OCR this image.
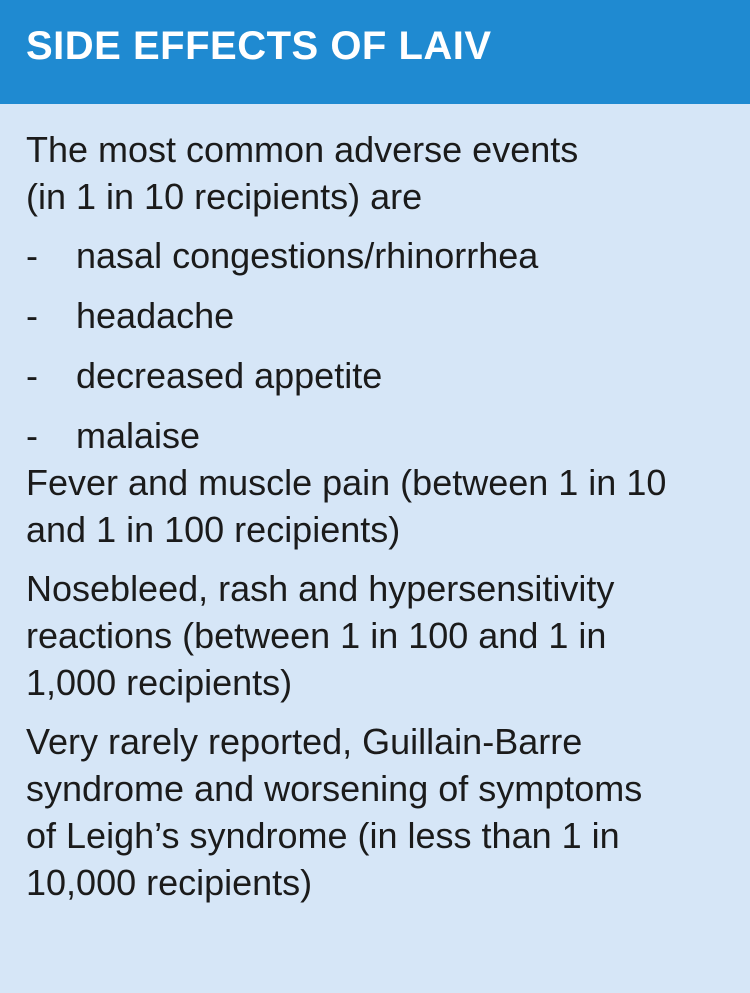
SIDE EFFECTS OF LAIV

The most common adverse events
(in 1 in 10 recipients) are

-	nasal congestions/rhinorrhea
-	headache
-	decreased appetite
-	malaise

Fever and muscle pain (between 1 in 10
and 1 in 100 recipients)

Nosebleed, rash and hypersensitivity
reactions (between 1 in 100 and 1 in
1,000 recipients)

Very rarely reported, Guillain-Barre
syndrome and worsening of symptoms
of Leigh’s syndrome (in less than 1 in
10,000 recipients)
